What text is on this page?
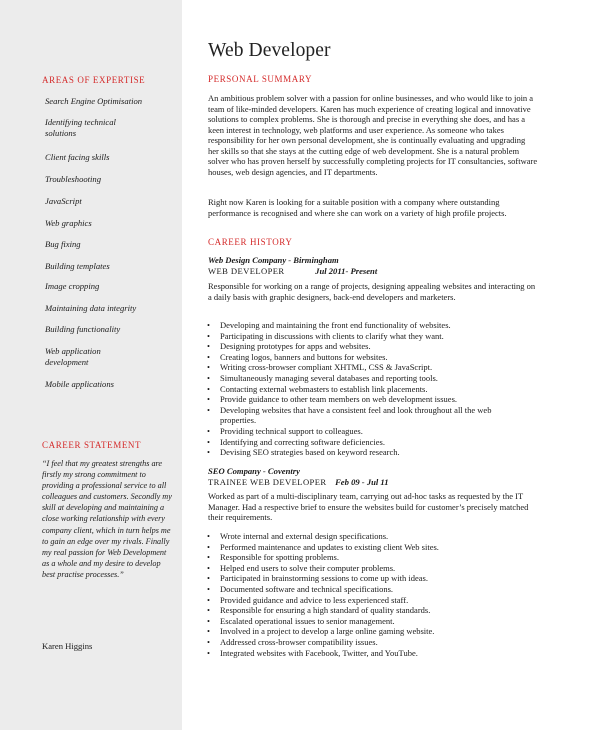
Web Developer
AREAS OF EXPERTISE
Search Engine Optimisation
Identifying technical solutions
Client facing skills
Troubleshooting
JavaScript
Web graphics
Bug fixing
Building templates
Image cropping
Maintaining data integrity
Building functionality
Web application development
Mobile applications
CAREER STATEMENT
“I feel that my greatest strengths are firstly my strong commitment to providing a professional service to all colleagues and customers. Secondly my skill at developing and maintaining a close working relationship with every company client, which in turn helps me to gain an edge over my rivals. Finally my real passion for Web Development as a whole and my desire to develop best practise processes.”
Karen Higgins
PERSONAL SUMMARY
An ambitious problem solver with a passion for online businesses, and who would like to join a team of like-minded developers. Karen has much experience of creating logical and innovative solutions to complex problems. She is thorough and precise in everything she does, and has a keen interest in technology, web platforms and user experience. As someone who takes responsibility for her own personal development, she is continually evaluating and upgrading her skills so that she stays at the cutting edge of web development. She is a natural problem solver who has proven herself by successfully completing projects for IT consultancies, software houses, web design agencies, and IT departments.
Right now Karen is looking for a suitable position with a company where outstanding performance is recognised and where she can work on a variety of high profile projects.
CAREER HISTORY
Web Design Company - Birmingham
WEB DEVELOPER	Jul 2011- Present
Responsible for working on a range of projects, designing appealing websites and interacting on a daily basis with graphic designers, back-end developers and marketers.
• Developing and maintaining the front end functionality of websites.
• Participating in discussions with clients to clarify what they want.
• Designing prototypes for apps and websites.
• Creating logos, banners and buttons for websites.
• Writing cross-browser compliant XHTML, CSS & JavaScript.
• Simultaneously managing several databases and reporting tools.
• Contacting external webmasters to establish link placements.
• Provide guidance to other team members on web development issues.
• Developing websites that have a consistent feel and look throughout all the web properties.
• Providing technical support to colleagues.
• Identifying and correcting software deficiencies.
• Devising SEO strategies based on keyword research.
SEO Company - Coventry
TRAINEE WEB DEVELOPER Feb 09 - Jul 11
Worked as part of a multi-disciplinary team, carrying out ad-hoc tasks as requested by the IT Manager. Had a respective brief to ensure the websites build for customer’s precisely matched their requirements.
• Wrote internal and external design specifications.
• Performed maintenance and updates to existing client Web sites.
• Responsible for spotting problems.
• Helped end users to solve their computer problems.
• Participated in brainstorming sessions to come up with ideas.
• Documented software and technical specifications.
• Provided guidance and advice to less experienced staff.
• Responsible for ensuring a high standard of quality standards.
• Escalated operational issues to senior management.
• Involved in a project to develop a large online gaming website.
• Addressed cross-browser compatibility issues.
• Integrated websites with Facebook, Twitter, and YouTube.
